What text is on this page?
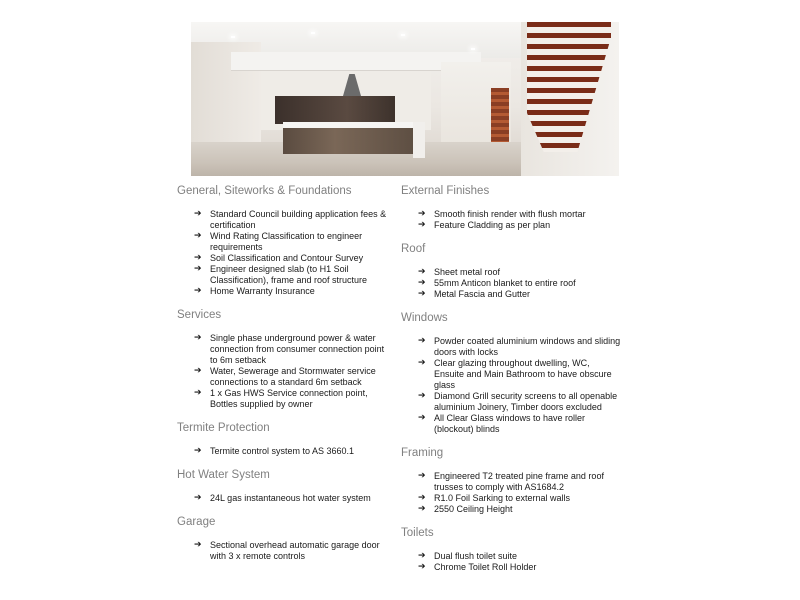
General, Siteworks & Foundations
➔ Standard Council building application fees & certification
➔ Wind Rating Classification to engineer requirements
➔ Soil Classification and Contour Survey
➔ Engineer designed slab (to H1 Soil Classification), frame and roof structure
➔ Home Warranty Insurance
Services
➔ Single phase underground power & water connection from consumer connection point to 6m setback
➔ Water, Sewerage and Stormwater service connections to a standard 6m setback
➔ 1 x Gas HWS Service connection point, Bottles supplied by owner
Termite Protection
➔ Termite control system to AS 3660.1
Hot Water System
➔ 24L gas instantaneous hot water system
Garage
➔ Sectional overhead automatic garage door with 3 x remote controls
External Finishes
➔ Smooth finish render with flush mortar
➔ Feature Cladding as per plan
Roof
➔ Sheet metal roof
➔ 55mm Anticon blanket to entire roof
➔ Metal Fascia and Gutter
Windows
➔ Powder coated aluminium windows and sliding doors with locks
➔ Clear glazing throughout dwelling, WC, Ensuite and Main Bathroom to have obscure glass
➔ Diamond Grill security screens to all openable aluminium Joinery, Timber doors excluded
➔ All Clear Glass windows to have roller (blockout) blinds
Framing
➔ Engineered T2 treated pine frame and roof trusses to comply with AS1684.2
➔ R1.0 Foil Sarking to external walls
➔ 2550 Ceiling Height
Toilets
➔ Dual flush toilet suite
➔ Chrome Toilet Roll Holder
